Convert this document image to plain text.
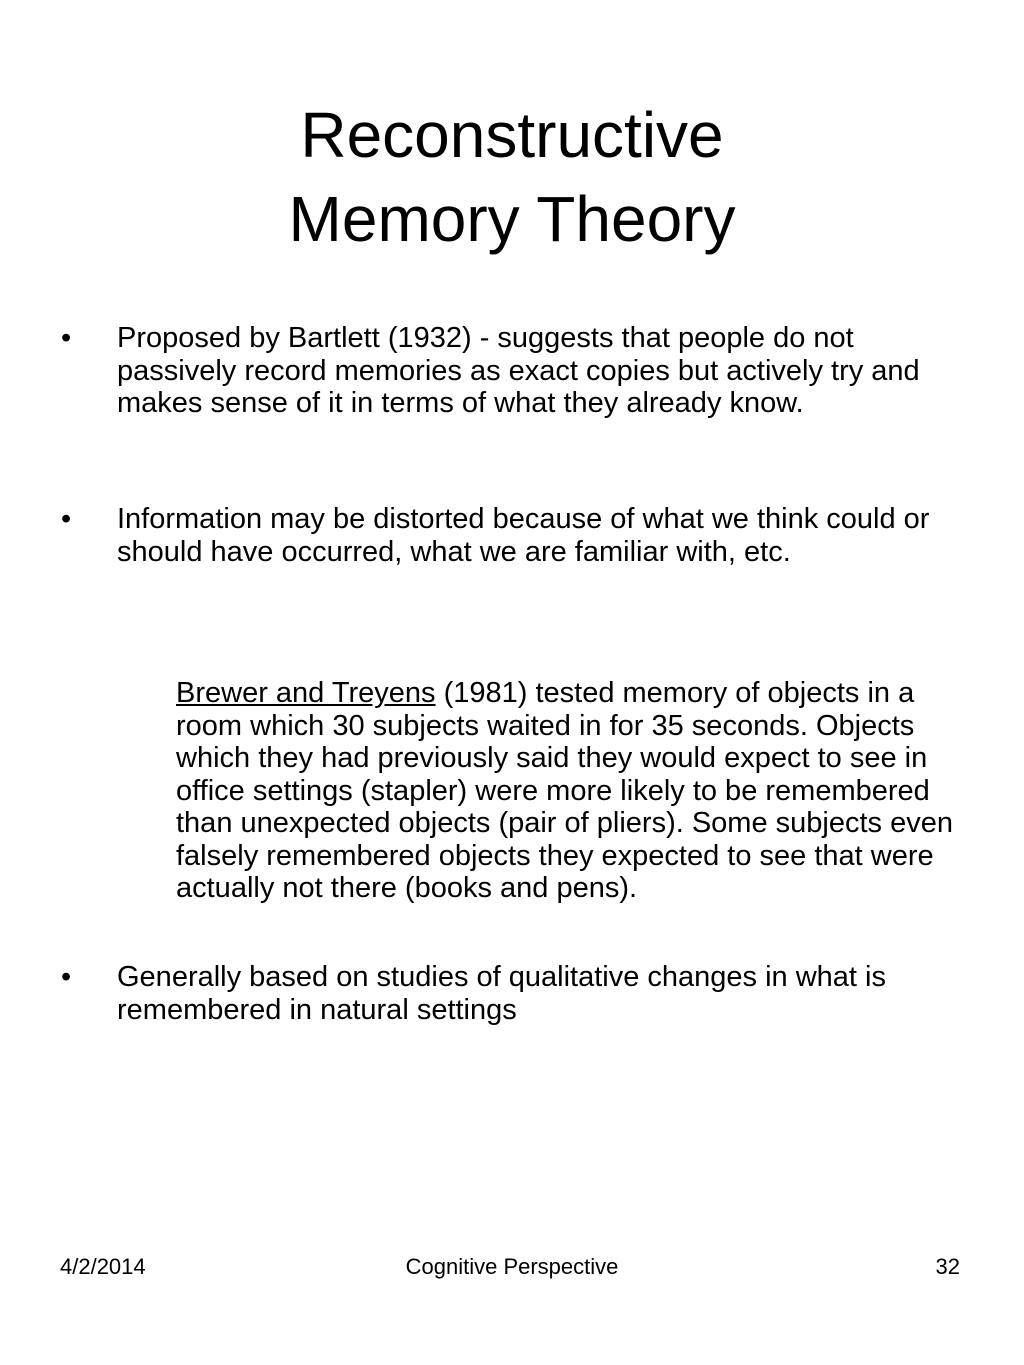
Reconstructive
Memory Theory
• Proposed by Bartlett (1932) - suggests that people do not passively record memories as exact copies but actively try and makes sense of it in terms of what they already know.
• Information may be distorted because of what we think could or should have occurred, what we are familiar with, etc.
• Generally based on studies of qualitative changes in what is remembered in natural settings

Brewer and Treyens (1981) tested memory of objects in a room which 30 subjects waited in for 35 seconds. Objects which they had previously said they would expect to see in office settings (stapler) were more likely to be remembered than unexpected objects (pair of pliers). Some subjects even falsely remembered objects they expected to see that were actually not there (books and pens).

4/2/2014	Cognitive Perspective	32
